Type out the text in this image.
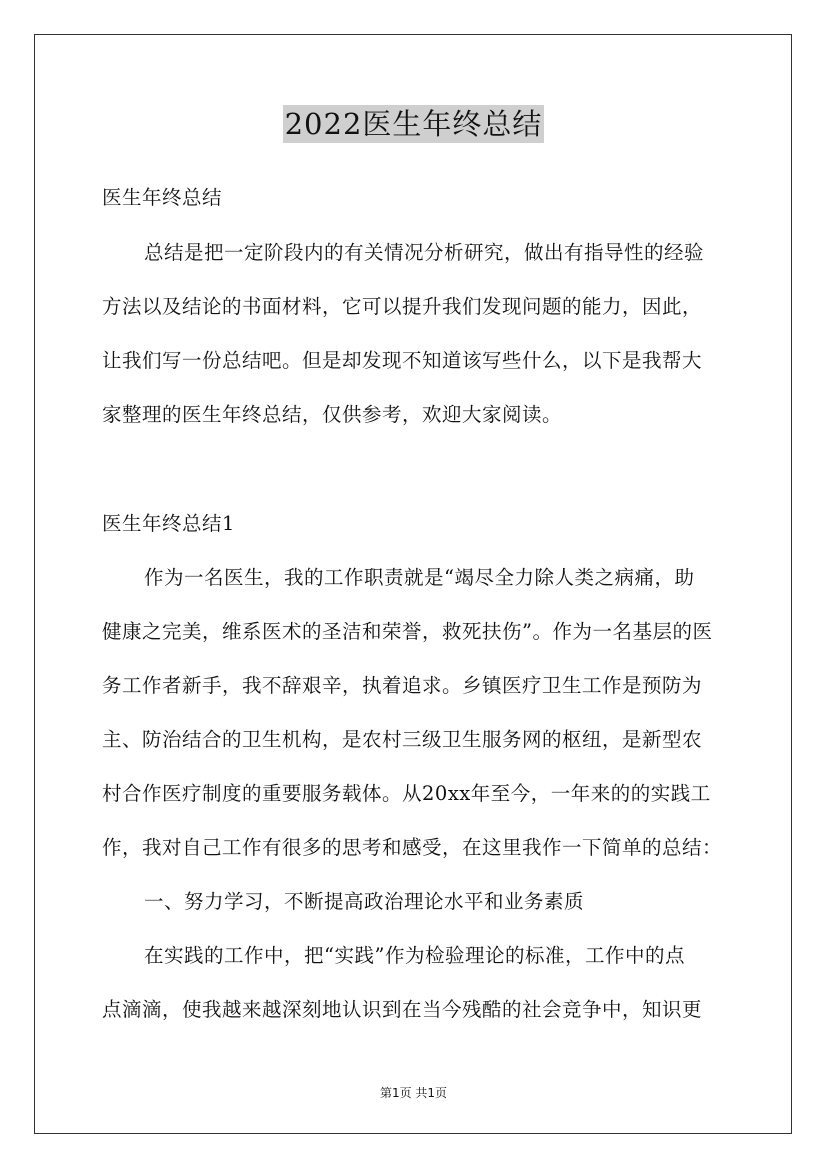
2022医生年终总结
医生年终总结
总结是把一定阶段内的有关情况分析研究，做出有指导性的经验
方法以及结论的书面材料，它可以提升我们发现问题的能力，因此，
让我们写一份总结吧。但是却发现不知道该写些什么，以下是我帮大
家整理的医生年终总结，仅供参考，欢迎大家阅读。
医生年终总结1
作为一名医生，我的工作职责就是“竭尽全力除人类之病痛，助
健康之完美，维系医术的圣洁和荣誉，救死扶伤”。作为一名基层的医
务工作者新手，我不辞艰辛，执着追求。乡镇医疗卫生工作是预防为
主、防治结合的卫生机构，是农村三级卫生服务网的枢纽，是新型农
村合作医疗制度的重要服务载体。从20xx年至今，一年来的的实践工
作，我对自己工作有很多的思考和感受，在这里我作一下简单的总结：
一、努力学习，不断提高政治理论水平和业务素质
在实践的工作中，把“实践”作为检验理论的标准，工作中的点
点滴滴，使我越来越深刻地认识到在当今残酷的社会竞争中，知识更
第1页 共1页
